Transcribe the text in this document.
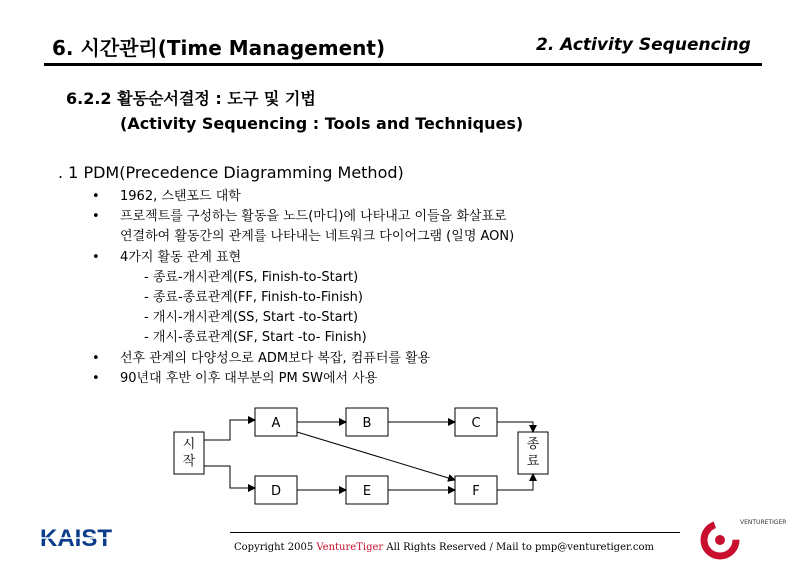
6. 시간관리(Time Management)	2. Activity Sequencing
6.2.2 활동순서결정 : 도구 및 기법
(Activity Sequencing : Tools and Techniques)
. 1 PDM(Precedence Diagramming Method)
• 1962, 스탠포드 대학
• 프로젝트를 구성하는 활동을 노드(마디)에 나타내고 이들을 화살표로
연결하여 활동간의 관계를 나타내는 네트워크 다이어그램 (일명 AON)
• 4가지 활동 관계 표현
- 종료-개시관계(FS, Finish-to-Start)
- 종료-종료관계(FF, Finish-to-Finish)
- 개시-개시관계(SS, Start -to-Start)
- 개시-종료관계(SF, Start -to- Finish)
• 선후 관계의 다양성으로 ADM보다 복잡, 컴퓨터를 활용
• 90년대 후반 이후 대부분의 PM SW에서 사용
시
작
종
료
A	B	C
D	E	F
KAIST	Copyright 2005 VentureTiger All Rights Reserved / Mail to pmp@venturetiger.com
VENTURETIGER
